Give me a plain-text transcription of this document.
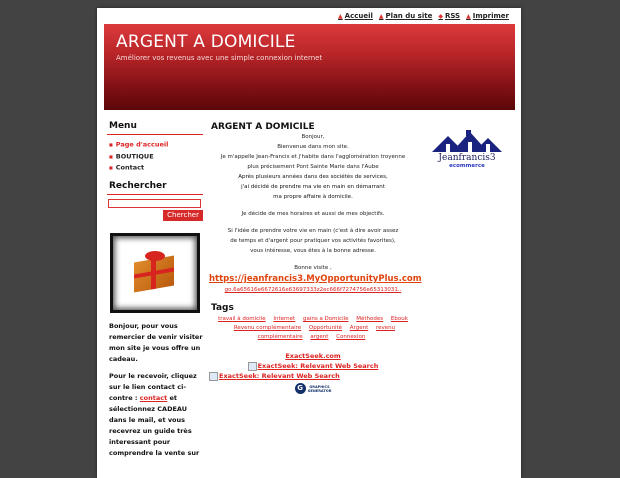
▲ Accueil ▲ Plan du site ◆ RSS ▲ Imprimer
ARGENT A DOMICILE
Améliorer vos revenus avec une simple connexion internet
Menu
■ Page d'accueil
■ BOUTIQUE
■ Contact
Rechercher
Chercher

Bonjour, pour vous remercier de venir visiter mon site je vous offre un cadeau.

Pour le recevoir, cliquez sur le lien contact ci-contre : contact et sélectionnez CADEAU dans le mail, et vous recevrez un guide très interessant pour comprendre la vente sur

ARGENT A DOMICILE
Bonjour,
Bienvenue dans mon site.
Je m'appelle Jean-Francis et j'habite dans l'agglomération troyenne
plus précisement Pont Sainte Marie dans l'Aube
Après plusieurs années dans des sociétés de services,
j'ai décidé de prendre ma vie en main en démarrant
ma propre affaire à domicile.
Je décide de mes horaires et aussi de mes objectifs.
Si l'idée de prendre votre vie en main (c'est à dire avoir assez
de temps et d'argent pour pratiquer vos activités favorites),
vous intéresse, vous êtes à la bonne adresse.
Bonne visite ,
https://jeanfrancis3.MyOpportunityPlus.com
go.6a65616e6672616e63697333z2ec666f7274756e65313031..
Tags
travail à domicile Internet gains a Domicile Méthodes Ebouk Revenu complémentaire Opportunité Argent revenu complémentaire argent Connexion
ExactSeek.com
ExactSeek: Relevant Web Search
ExactSeek: Relevant Web Search
G	GRAPHICS
GENERATOR
Jeanfrancis3
ecommerce
